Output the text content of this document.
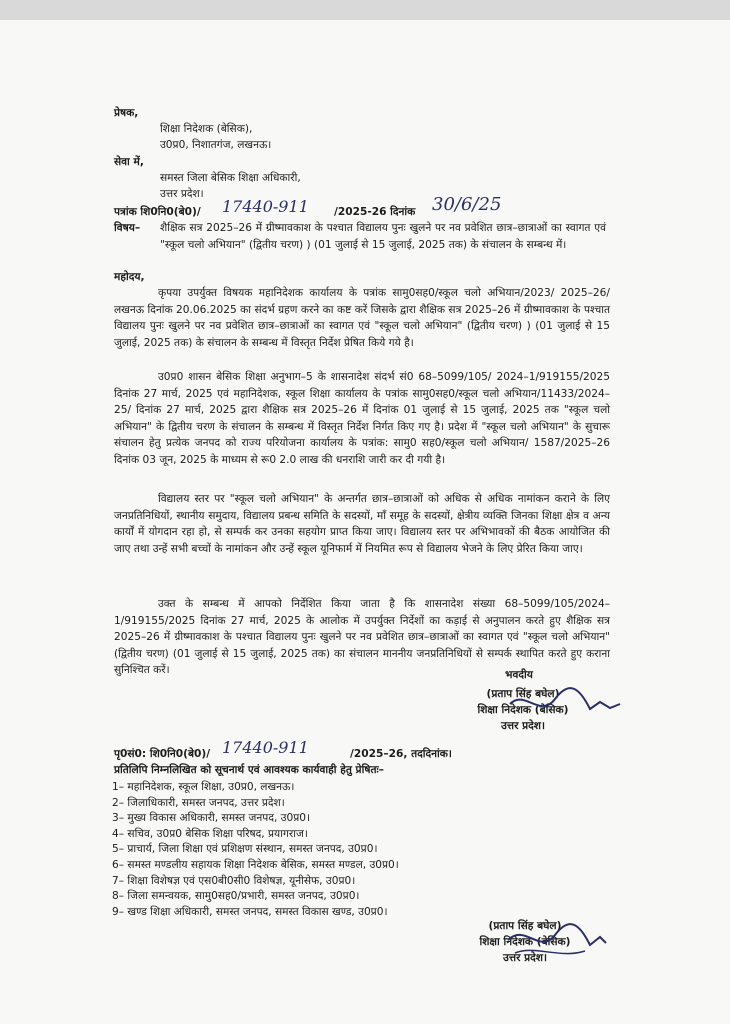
प्रेषक,
शिक्षा निदेशक (बेसिक),
उ0प्र0, निशातगंज, लखनऊ।
सेवा में,
समस्त जिला बेसिक शिक्षा अधिकारी,
उत्तर प्रदेश।
पत्रांक शि0नि0(बे0)/ 17440-911 /2025-26 दिनांक 30/6/25
विषय– शैक्षिक सत्र 2025–26 में ग्रीष्मावकाश के पश्चात विद्यालय पुनः खुलने पर नव प्रवेशित छात्र–छात्राओं का स्वागत एवं "स्कूल चलो अभियान" (द्वितीय चरण) ) (01 जुलाई से 15 जुलाई, 2025 तक) के संचालन के सम्बन्ध में।
महोदय,
कृपया उपर्युक्त विषयक महानिदेशक कार्यालय के पत्रांक सामु0सह0/स्कूल चलो अभियान/2023/ 2025–26/लखनऊ दिनांक 20.06.2025 का संदर्भ ग्रहण करने का कष्ट करें जिसके द्वारा शैक्षिक सत्र 2025–26 में ग्रीष्मावकाश के पश्चात विद्यालय पुनः खुलने पर नव प्रवेशित छात्र–छात्राओं का स्वागत एवं "स्कूल चलो अभियान" (द्वितीय चरण) ) (01 जुलाई से 15 जुलाई, 2025 तक) के संचालन के सम्बन्ध में विस्तृत निर्देश प्रेषित किये गये है।
उ0प्र0 शासन बेसिक शिक्षा अनुभाग–5 के शासनादेश संदर्भ सं0 68–5099/105/ 2024–1/919155/2025 दिनांक 27 मार्च, 2025 एवं महानिदेशक, स्कूल शिक्षा कार्यालय के पत्रांक सामु0सह0/स्कूल चलो अभियान/11433/2024–25/ दिनांक 27 मार्च, 2025 द्वारा शैक्षिक सत्र 2025–26 में दिनांक 01 जुलाई से 15 जुलाई, 2025 तक "स्कूल चलो अभियान" के द्वितीय चरण के संचालन के सम्बन्ध में विस्तृत निर्देश निर्गत किए गए है। प्रदेश में "स्कूल चलो अभियान" के सुचारू संचालन हेतु प्रत्येक जनपद को राज्य परियोजना कार्यालय के पत्रांक: सामु0 सह0/स्कूल चलो अभियान/ 1587/2025–26 दिनांक 03 जून, 2025 के माध्यम से रू0 2.0 लाख की धनराशि जारी कर दी गयी है।
विद्यालय स्तर पर "स्कूल चलो अभियान" के अन्तर्गत छात्र–छात्राओं को अधिक से अधिक नामांकन कराने के लिए जनप्रतिनिधियों, स्थानीय समुदाय, विद्यालय प्रबन्ध समिति के सदस्यों, माँ समूह के सदस्यों, क्षेत्रीय व्यक्ति जिनका शिक्षा क्षेत्र व अन्य कार्यों में योगदान रहा हो, से सम्पर्क कर उनका सहयोग प्राप्त किया जाए। विद्यालय स्तर पर अभिभावकों की बैठक आयोजित की जाए तथा उन्हें सभी बच्चों के नामांकन और उन्हें स्कूल यूनिफार्म में नियमित रूप से विद्यालय भेजने के लिए प्रेरित किया जाए।
उक्त के सम्बन्ध में आपको निर्देशित किया जाता है कि शासनादेश संख्या 68–5099/105/2024–1/919155/2025 दिनांक 27 मार्च, 2025 के आलोक में उपर्युक्त निर्देशों का कड़ाई से अनुपालन करते हुए शैक्षिक सत्र 2025–26 में ग्रीष्मावकाश के पश्चात विद्यालय पुनः खुलने पर नव प्रवेशित छात्र–छात्राओं का स्वागत एवं "स्कूल चलो अभियान" (द्वितीय चरण) (01 जुलाई से 15 जुलाई, 2025 तक) का संचालन माननीय जनप्रतिनिधियों से सम्पर्क स्थापित करते हुए कराना सुनिश्चित करें।	भवदीय
(प्रताप सिंह बघेल)
शिक्षा निदेशक (बेसिक)
उत्तर प्रदेश।
पृ0सं0: शि0नि0(बे0)/ 17440-911	/2025–26, तददिनांक।
प्रतिलिपि निम्नलिखित को सूचनार्थ एवं आवश्यक कार्यवाही हेतु प्रेषितः–
1– महानिदेशक, स्कूल शिक्षा, उ0प्र0, लखनऊ।
2– जिलाधिकारी, समस्त जनपद, उत्तर प्रदेश।
3– मुख्य विकास अधिकारी, समस्त जनपद, उ0प्र0।
4– सचिव, उ0प्र0 बेसिक शिक्षा परिषद, प्रयागराज।
5– प्राचार्य, जिला शिक्षा एवं प्रशिक्षण संस्थान, समस्त जनपद, उ0प्र0।
6– समस्त मण्डलीय सहायक शिक्षा निदेशक बेसिक, समस्त मण्डल, उ0प्र0।
7– शिक्षा विशेषज्ञ एवं एस0बी0सी0 विशेषज्ञ, यूनीसेफ, उ0प्र0।
8– जिला समन्वयक, सामु0सह0/प्रभारी, समस्त जनपद, उ0प्र0।
9– खण्ड शिक्षा अधिकारी, समस्त जनपद, समस्त विकास खण्ड, उ0प्र0।
(प्रताप सिंह बघेल)
शिक्षा निदेशक (बेसिक)
उत्तर प्रदेश।
